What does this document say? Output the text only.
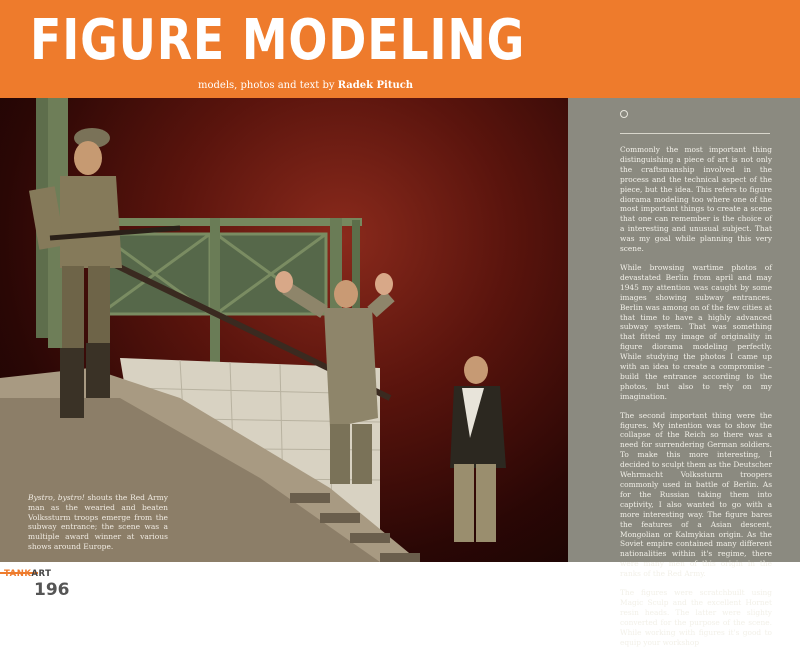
FIGURE MODELING
models, photos and text by Radek Pituch
Bystro, bystro! shouts the Red Army man as the wearied and beaten Volkssturm troops emerge from the subway entrance; the scene was a multiple award winner at various shows around Europe.

Commonly the most important thing distinguishing a piece of art is not only the craftsmanship involved in the process and the technical aspect of the piece, but the idea. This refers to figure diorama modeling too where one of the most important things to create a scene that one can remember is the choice of a interesting and unusual subject. That was my goal while planning this very scene.

While browsing wartime photos of devastated Berlin from april and may 1945 my attention was caught by some images showing subway entrances. Berlin was among on of the few cities at that time to have a highly advanced subway system. That was something that fitted my image of originality in figure diorama modeling perfectly. While studying the photos I came up with an idea to create a compromise – build the entrance according to the photos, but also to rely on my imagination.

The second important thing were the figures. My intention was to show the collapse of the Reich so there was a need for surrendering German soldiers. To make this more interesting, I decided to sculpt them as the Deutscher Wehrmacht Volkssturm troopers commonly used in battle of Berlin. As for the Russian taking them into captivity, I also wanted to go with a more interesting way. The figure bares the features of a Asian descent, Mongolian or Kalmykian origin. As the Soviet empire contained many different nationalities within it's regime, there were many men of this origin in the ranks of the Red Army.

The figures were scratchbuilt using Magic Sculp and the excellent Hornet resin heads. The latter were slighty converted for the purpose of the scene. While working with figures it's good to equip your workshop

TANKART
196
